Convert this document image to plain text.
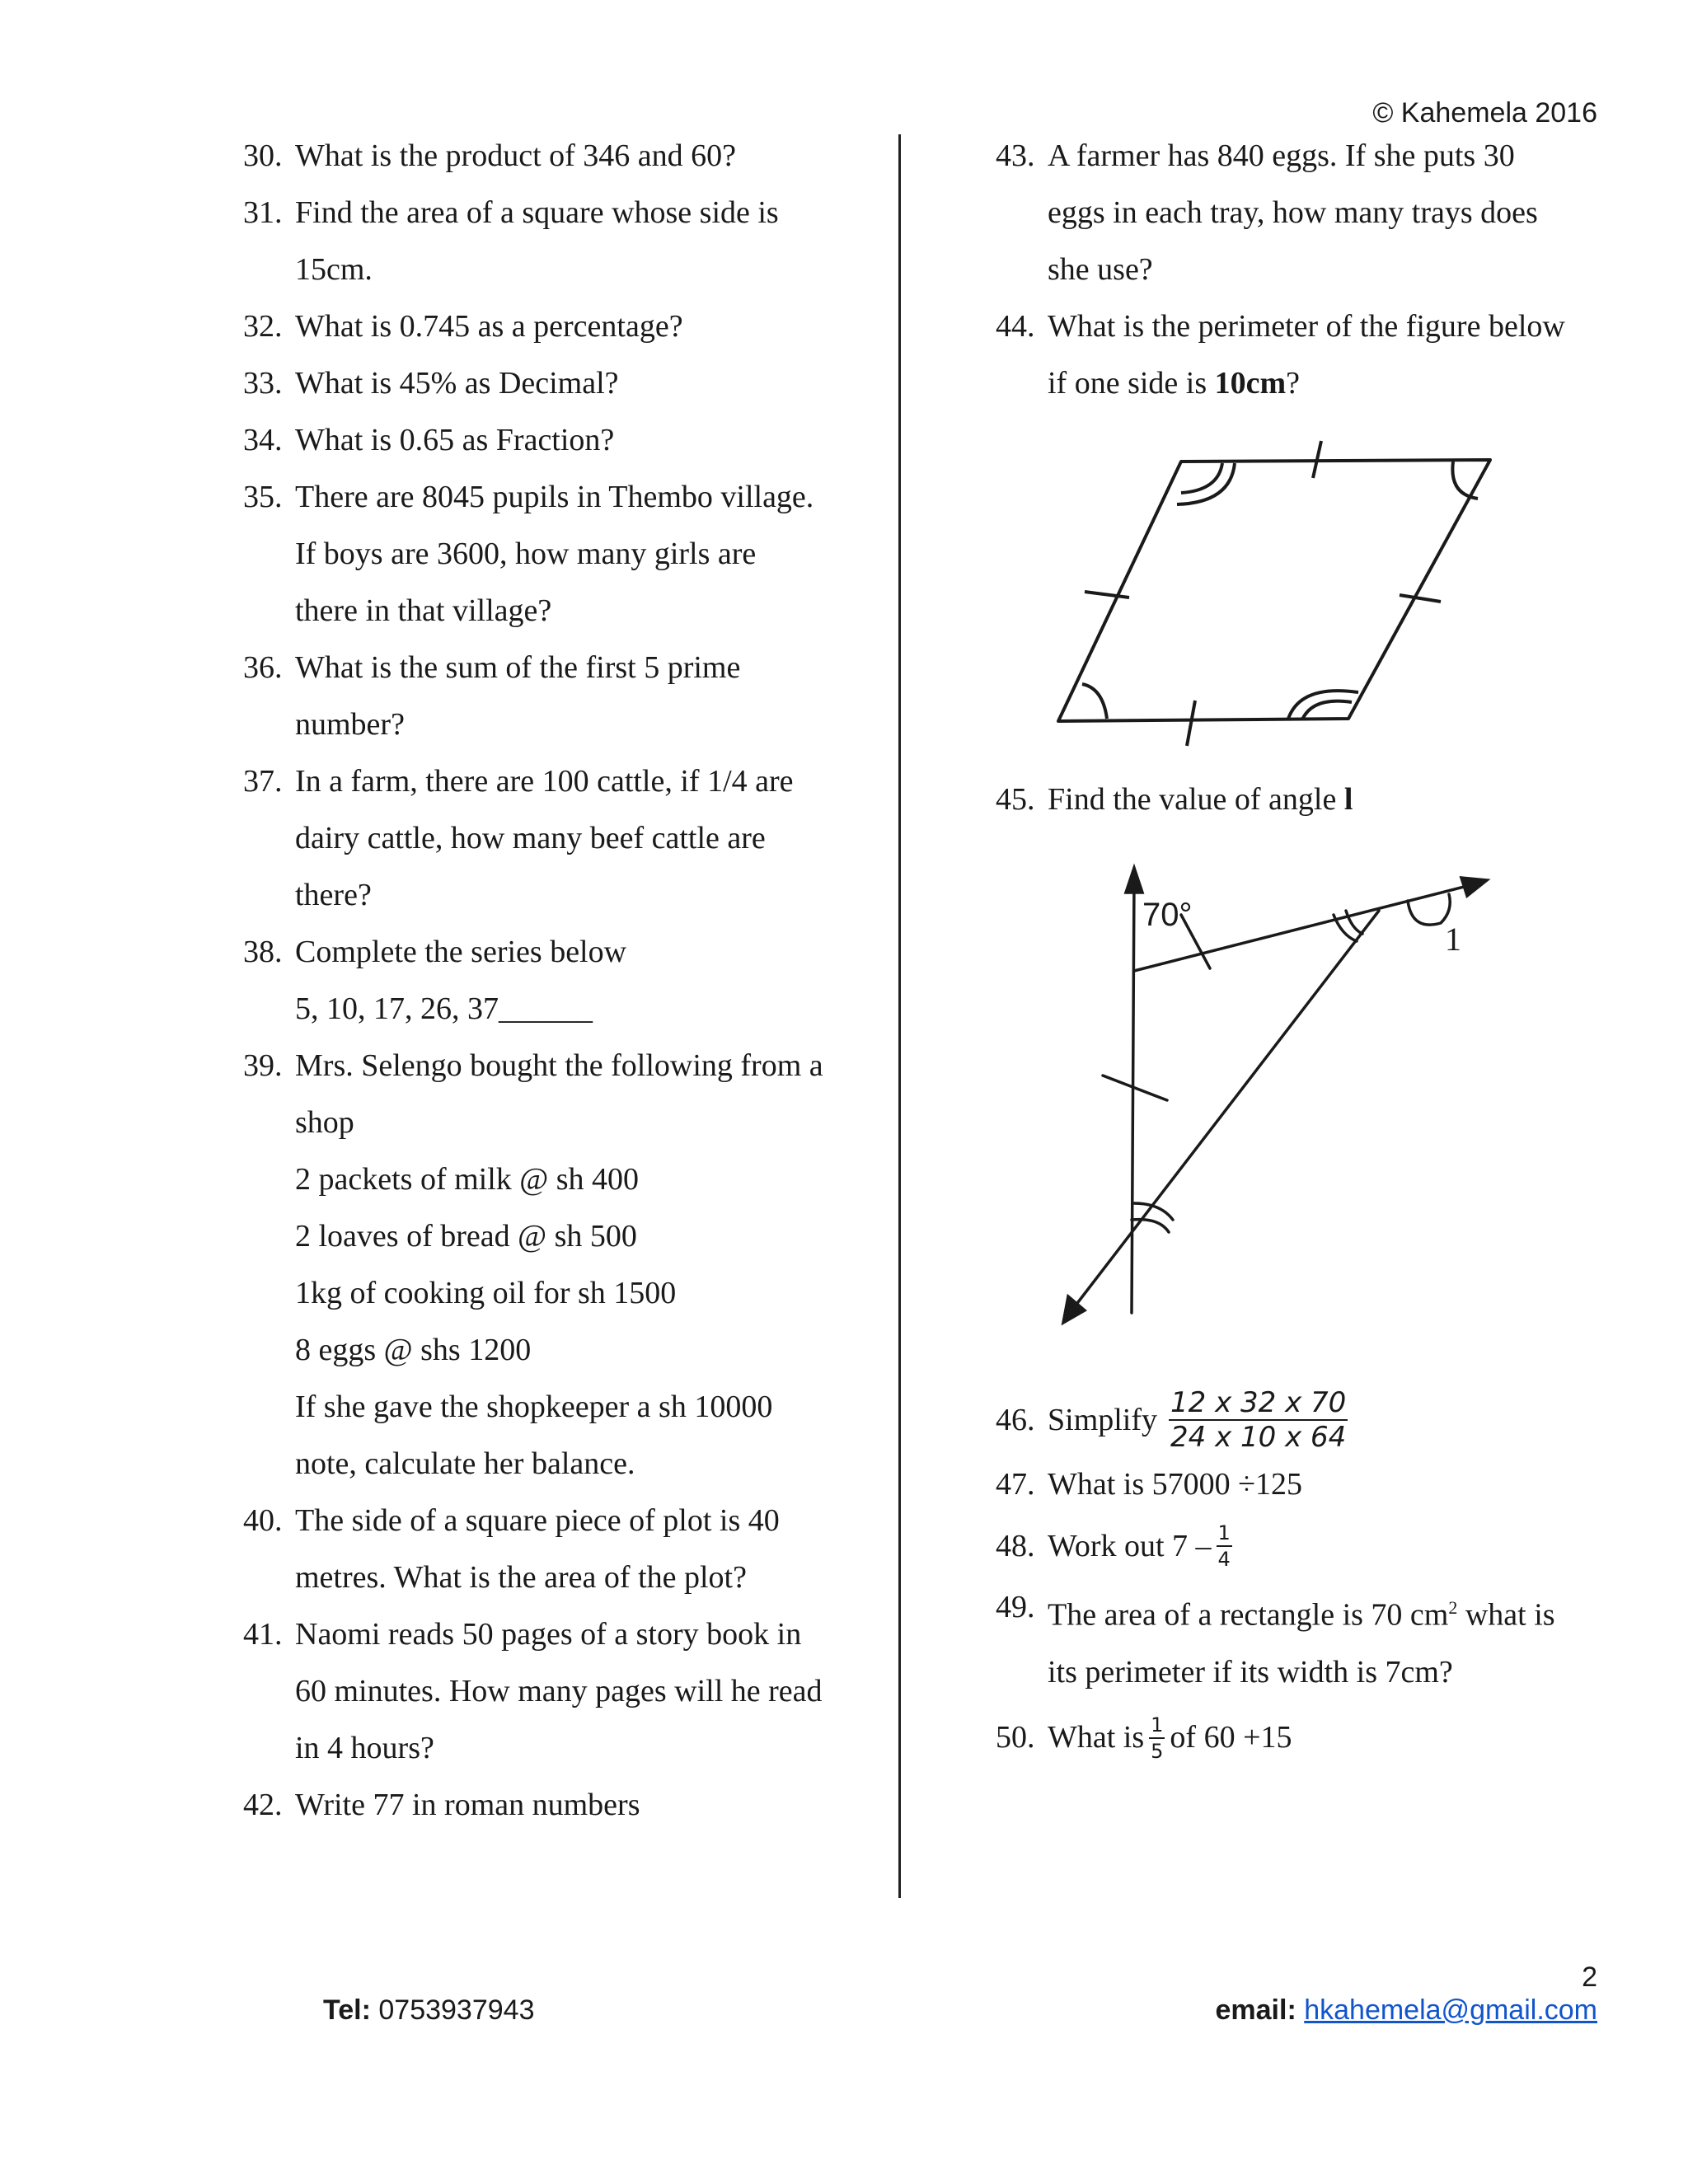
© Kahemela 2016
30. What is the product of 346 and 60?
31. Find the area of a square whose side is
15cm.
32. What is 0.745 as a percentage?
33. What is 45% as Decimal?
34. What is 0.65 as Fraction?
35. There are 8045 pupils in Thembo village.
If boys are 3600, how many girls are
there in that village?
36. What is the sum of the first 5 prime
number?
37. In a farm, there are 100 cattle, if 1/4 are
dairy cattle, how many beef cattle are
there?
38. Complete the series below
5, 10, 17, 26, 37______
39. Mrs. Selengo bought the following from a
shop
2 packets of milk @ sh 400
2 loaves of bread @ sh 500
1kg of cooking oil for sh 1500
8 eggs @ shs 1200
If she gave the shopkeeper a sh 10000
note, calculate her balance.
40. The side of a square piece of plot is 40
metres. What is the area of the plot?
41. Naomi reads 50 pages of a story book in
60 minutes. How many pages will he read
in 4 hours?
42. Write 77 in roman numbers
43. A farmer has 840 eggs. If she puts 30
eggs in each tray, how many trays does
she use?
44. What is the perimeter of the figure below
if one side is 10cm?
45. Find the value of angle l
70°
1
46. Simplify $\frac{12 x 32 x 70}{24 x 10 x 64}$
47. What is 57000 ÷125
48. Work out $7 - \frac{1}{4}$
49. The area of a rectangle is 70 $cm^2$ what is
its perimeter if its width is 7cm?
50. What is $\frac{1}{5}$ of 60 +15
2
Tel: 0753937943	email: hkahemela@gmail.com
